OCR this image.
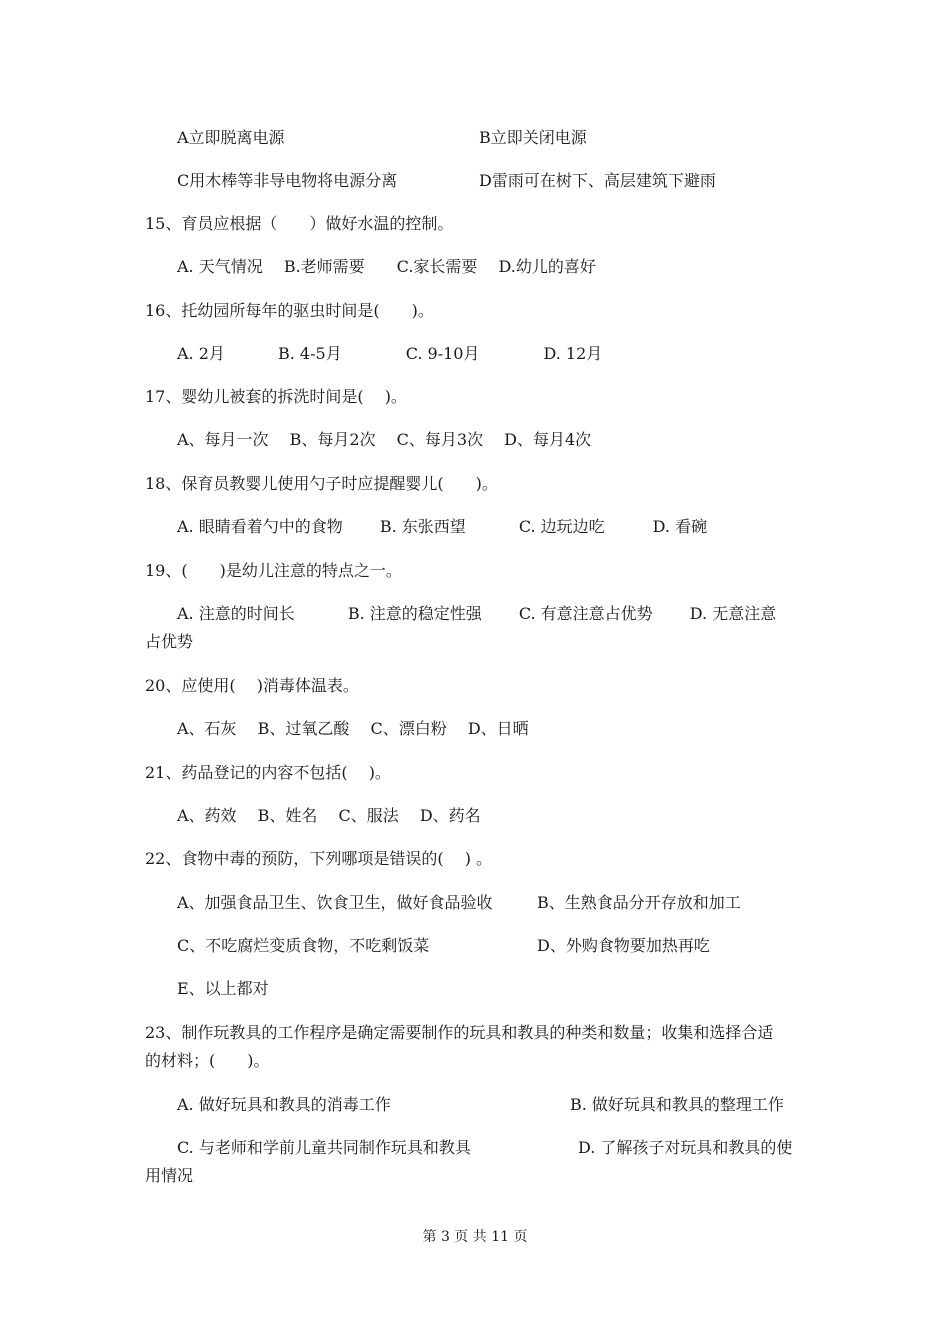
A立即脱离电源	B立即关闭电源
C用木棒等非导电物将电源分离	D雷雨可在树下、高层建筑下避雨
15、育员应根据（　　）做好水温的控制。
A. 天气情况　 B.老师需要　　C.家长需要　 D.幼儿的喜好
16、托幼园所每年的驱虫时间是(　　)。
A. 2月　　　 B. 4-5月　　　　C. 9-10月　　　　D. 12月
17、婴幼儿被套的拆洗时间是(　 )。
A、每月一次　 B、每月2次　 C、每月3次　 D、每月4次
18、保育员教婴儿使用勺子时应提醒婴儿(　　)。
A. 眼睛看着勺中的食物　　 B. 东张西望　　　 C. 边玩边吃　　　D. 看碗
19、(　　)是幼儿注意的特点之一。
A. 注意的时间长　　　 B. 注意的稳定性强　　 C. 有意注意占优势　　 D. 无意注意
占优势
20、应使用(　 )消毒体温表。
A、石灰　 B、过氧乙酸　 C、漂白粉　 D、日晒
21、药品登记的内容不包括(　 )。
A、药效　 B、姓名　 C、服法　 D、药名
22、食物中毒的预防，下列哪项是错误的(　 ) 。
A、加强食品卫生、饮食卫生，做好食品验收	B、生熟食品分开存放和加工
C、不吃腐烂变质食物，不吃剩饭菜	D、外购食物要加热再吃
E、以上都对
23、制作玩教具的工作程序是确定需要制作的玩具和教具的种类和数量；收集和选择合适
的材料；(　　)。
A. 做好玩具和教具的消毒工作	B. 做好玩具和教具的整理工作
C. 与老师和学前儿童共同制作玩具和教具	D. 了解孩子对玩具和教具的使
用情况
第 3 页 共 11 页
